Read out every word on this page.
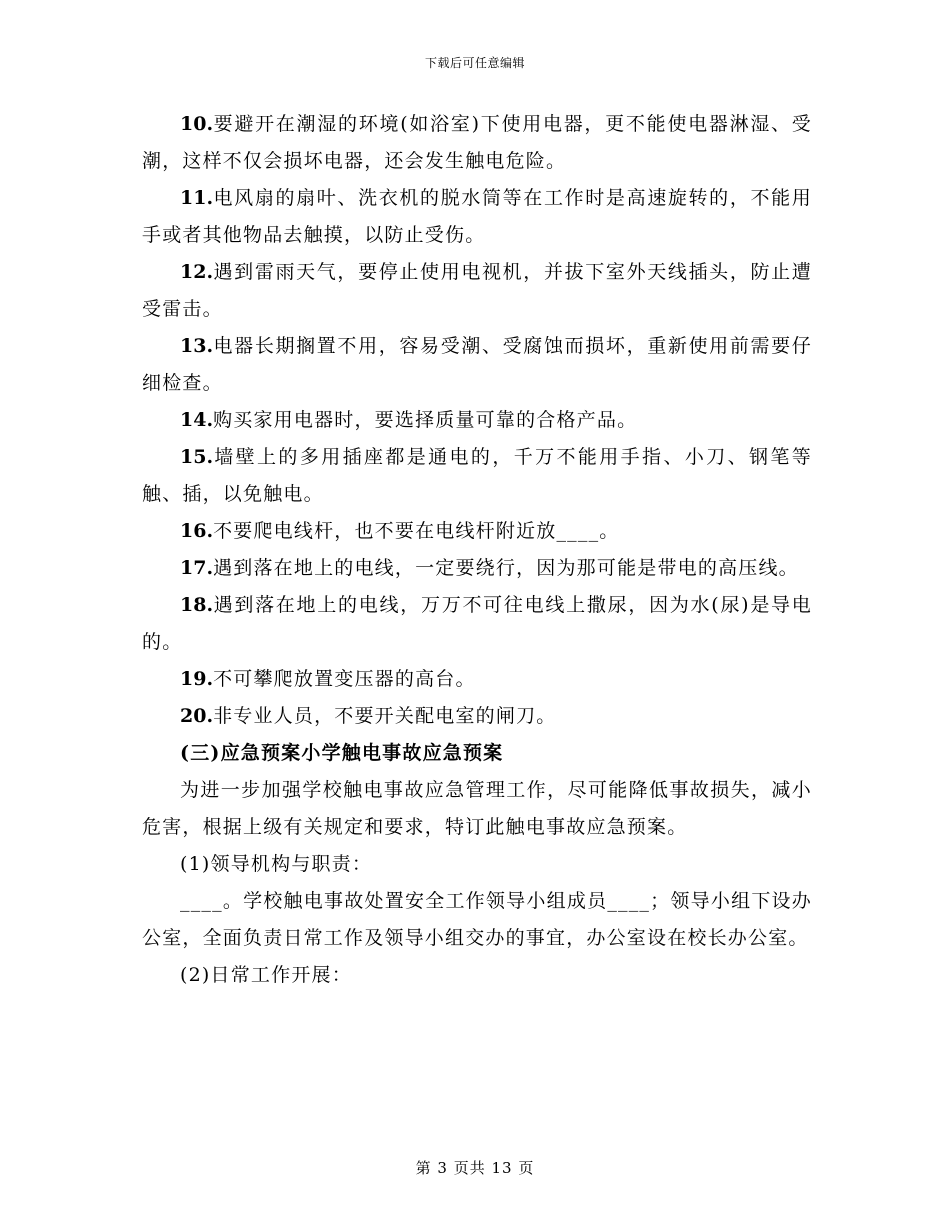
下载后可任意编辑

10.要避开在潮湿的环境(如浴室)下使用电器，更不能使电器淋湿、受潮，这样不仅会损坏电器，还会发生触电危险。

11.电风扇的扇叶、洗衣机的脱水筒等在工作时是高速旋转的，不能用手或者其他物品去触摸，以防止受伤。

12.遇到雷雨天气，要停止使用电视机，并拔下室外天线插头，防止遭受雷击。

13.电器长期搁置不用，容易受潮、受腐蚀而损坏，重新使用前需要仔细检查。

14.购买家用电器时，要选择质量可靠的合格产品。

15.墙壁上的多用插座都是通电的，千万不能用手指、小刀、钢笔等触、插，以免触电。

16.不要爬电线杆，也不要在电线杆附近放____。

17.遇到落在地上的电线，一定要绕行，因为那可能是带电的高压线。

18.遇到落在地上的电线，万万不可往电线上撒尿，因为水(尿)是导电的。

19.不可攀爬放置变压器的高台。

20.非专业人员，不要开关配电室的闸刀。

(三)应急预案小学触电事故应急预案

为进一步加强学校触电事故应急管理工作，尽可能降低事故损失，减小危害，根据上级有关规定和要求，特订此触电事故应急预案。

(1)领导机构与职责：

____。学校触电事故处置安全工作领导小组成员____；领导小组下设办公室，全面负责日常工作及领导小组交办的事宜，办公室设在校长办公室。

(2)日常工作开展：

第 3 页共 13 页
